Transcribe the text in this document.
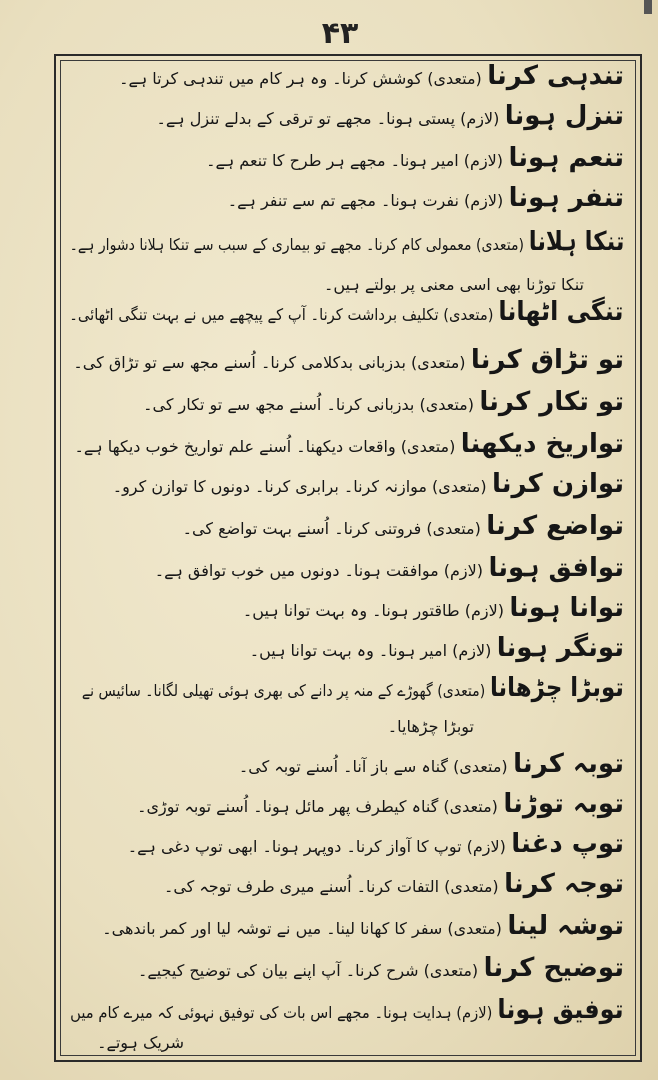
۴۳
تندہی کرنا (متعدی) کوشش کرنا۔ وہ ہر کام میں تندہی کرتا ہے۔
تنزل ہونا (لازم) پستی ہونا۔ مجھے تو ترقی کے بدلے تنزل ہے۔
تنعم ہونا (لازم) امیر ہونا۔ مجھے ہر طرح کا تنعم ہے۔
تنفر ہونا (لازم) نفرت ہونا۔ مجھے تم سے تنفر ہے۔
تنکا ہلانا (متعدی) معمولی کام کرنا۔ مجھے تو بیماری کے سبب سے تنکا ہلانا دشوار ہے۔
تنکا توڑنا بھی اسی معنی پر بولتے ہیں۔
تنگی اٹھانا (متعدی) تکلیف برداشت کرنا۔ آپ کے پیچھے میں نے بہت تنگی اٹھائی۔
تو تڑاق کرنا (متعدی) بدزبانی بدکلامی کرنا۔ اُسنے مجھ سے تو تڑاق کی۔
تو تکار کرنا (متعدی) بدزبانی کرنا۔ اُسنے مجھ سے تو تکار کی۔
تواریخ دیکھنا (متعدی) واقعات دیکھنا۔ اُسنے علم تواریخ خوب دیکھا ہے۔
توازن کرنا (متعدی) موازنہ کرنا۔ برابری کرنا۔ دونوں کا توازن کرو۔
تواضع کرنا (متعدی) فروتنی کرنا۔ اُسنے بہت تواضع کی۔
توافق ہونا (لازم) موافقت ہونا۔ دونوں میں خوب توافق ہے۔
توانا ہونا (لازم) طاقتور ہونا۔ وہ بہت توانا ہیں۔
تونگر ہونا (لازم) امیر ہونا۔ وہ بہت توانا ہیں۔
توبڑا چڑھانا (متعدی) گھوڑے کے منہ پر دانے کی بھری ہوئی تھیلی لگانا۔ سائیس نے
توبڑا چڑھایا۔
توبہ کرنا (متعدی) گناہ سے باز آنا۔ اُسنے توبہ کی۔
توبہ توڑنا (متعدی) گناہ کیطرف پھر مائل ہونا۔ اُسنے توبہ توڑی۔
توپ دغنا (لازم) توپ کا آواز کرنا۔ دوپہر ہونا۔ ابھی توپ دغی ہے۔
توجہ کرنا (متعدی) التفات کرنا۔ اُسنے میری طرف توجہ کی۔
توشہ لینا (متعدی) سفر کا کھانا لینا۔ میں نے توشہ لیا اور کمر باندھی۔
توضیح کرنا (متعدی) شرح کرنا۔ آپ اپنے بیان کی توضیح کیجیے۔
توفیق ہونا (لازم) ہدایت ہونا۔ مجھے اس بات کی توفیق نہوئی کہ میرے کام میں
شریک ہوتے۔
